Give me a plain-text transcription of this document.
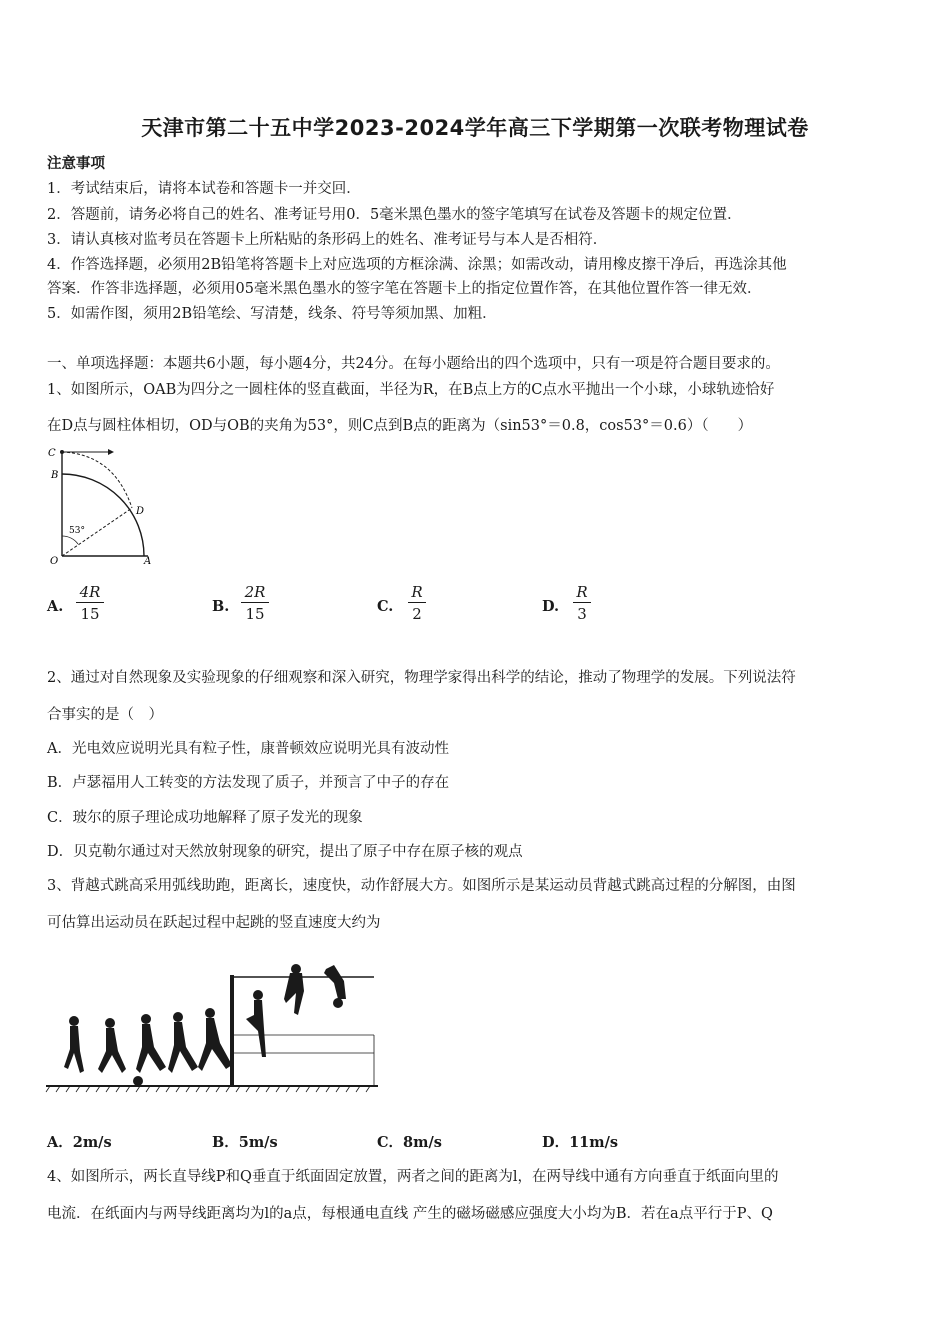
天津市第二十五中学2023-2024学年高三下学期第一次联考物理试卷
注意事项
1．考试结束后，请将本试卷和答题卡一并交回．
2．答题前，请务必将自己的姓名、准考证号用0．5毫米黑色墨水的签字笔填写在试卷及答题卡的规定位置．
3．请认真核对监考员在答题卡上所粘贴的条形码上的姓名、准考证号与本人是否相符．
4．作答选择题，必须用2B铅笔将答题卡上对应选项的方框涂满、涂黑；如需改动，请用橡皮擦干净后，再选涂其他
答案．作答非选择题，必须用05毫米黑色墨水的签字笔在答题卡上的指定位置作答，在其他位置作答一律无效．
5．如需作图，须用2B铅笔绘、写清楚，线条、符号等须加黑、加粗．
一、单项选择题：本题共6小题，每小题4分，共24分。在每小题给出的四个选项中，只有一项是符合题目要求的。
1、如图所示，OAB为四分之一圆柱体的竖直截面，半径为R，在B点上方的C点水平抛出一个小球，小球轨迹恰好
在D点与圆柱体相切，OD与OB的夹角为53°，则C点到B点的距离为（sin53°＝0.8，cos53°＝0.6）（　　）
C
B
D
O	A
53°
A.
4R
15	B.
2R
15	C.
R
2	D.
R
3
2、通过对自然现象及实验现象的仔细观察和深入研究，物理学家得出科学的结论，推动了物理学的发展。下列说法符
合事实的是（　）
A．光电效应说明光具有粒子性，康普顿效应说明光具有波动性
B．卢瑟福用人工转变的方法发现了质子，并预言了中子的存在
C．玻尔的原子理论成功地解释了原子发光的现象
D．贝克勒尔通过对天然放射现象的研究，提出了原子中存在原子核的观点
3、背越式跳高采用弧线助跑，距离长，速度快，动作舒展大方。如图所示是某运动员背越式跳高过程的分解图，由图
可估算出运动员在跃起过程中起跳的竖直速度大约为
A．2m/s	B．5m/s	C．8m/s	D．11m/s
4、如图所示，两长直导线P和Q垂直于纸面固定放置，两者之间的距离为l，在两导线中通有方向垂直于纸面向里的
电流．在纸面内与两导线距离均为l的a点，每根通电直线 产生的磁场磁感应强度大小均为B．若在a点平行于P、Q
